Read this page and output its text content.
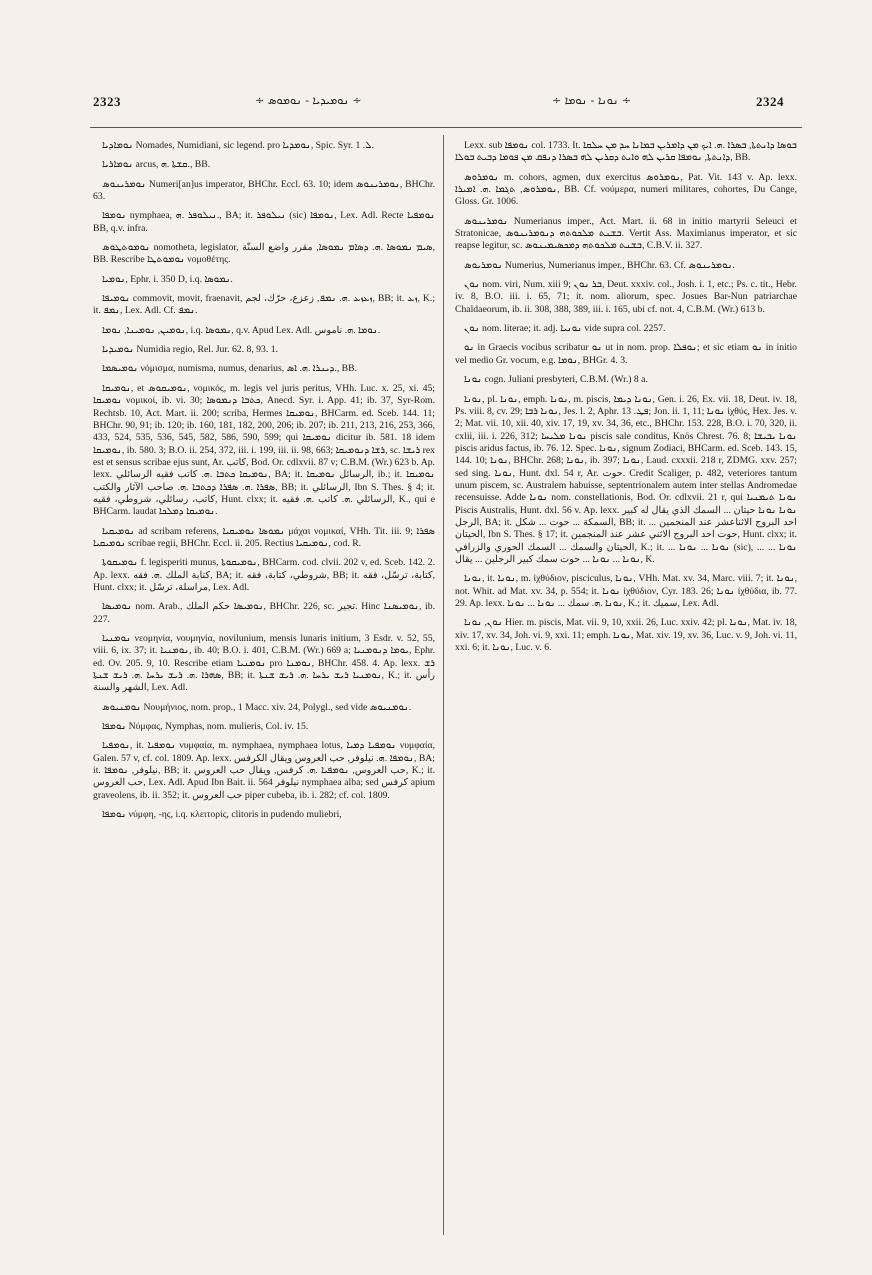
2323	∻ ܢܘܡܝܕܝܐ - ܢܘܡܘܣ ∻	∻ ܢܘܢܐ - ܢܘܡܐ ∻	2324

ܢܘܡܐܕܝܐ Nomades, Numidiani, sic legend. pro ܢܘܡܕܝܐ, Spic. Syr. ܠ. 1.

ܢܘܡܐܪܝܐ arcus, ܩܫܬܐ .ܗ., BB.

ܢܘܡܪܝܢܘܣ Numeri[an]us imperator, BHChr. Eccl. 63. 10; idem ܢܘܡܪܝܢܘܣ, BHChr. 63.

ܢܘܡܦܐ nymphaea, ܢܝܠܘܦܪ .ܗ., BA; it. ܢܝܠܘܦܪ (sic) ܢܘܡܦܐ, Lex. Adl. Recte ܢܘܡܦܝܐ BB, q.v. infra.

ܢܘܡܘܬܛܘܣ nomotheta, legislator, ܣܝܡ ܢܡܘܣܐ .ܗ. ܕܣܐܡ ܢܡܘܣܐ, مقرر واضع السنّة, BB. Rescribe ܢܘܡܘܬܛܐ νομοθέτης.

ܢܘܡܝܐ, Ephr. i. 350 D, i.q. ܢܡܘܣܐ.

ܢܘܡܝܦܐ commovit, movit, fraenavit, ܙܥܙܥ .ܗ. ܢܡܦ, زعزع، حرّك، لجم, BB; it. ܙܥ, K.; it. ܢܡܦ, Lex. Adl. Cf. ܢܡܦ.

ܢܘܡܝܢ, ܢܘܡܝܢܐ, ܢܘܡܐ, i.q. ܢܡܘܣܐ, q.v. Apud Lex. Adl. ܢܘܡܐ .ܗ. ناموس.

ܢܘܡܝܕܝܐ Numidia regio, Rel. Jur. 62. 8, 93. 1.

ܢܘܡܝܣܡܐ νόμισμα, numisma, numus, denarius, ܕܝܢܪܐ .ܗ. ܐܣ., BB.

ܢܘܡܝܩܐ, et ܢܘܡܝܩܘܣ, νομικός, m. legis vel juris peritus, VHh. Luc. x. 25, xi. 45; ܢܘܡܝܩܐ νομικοί, ib. vi. 30; ܟܬܒܐ ܕܢܡܘܣܐ, Anecd. Syr. i. App. 41; ib. 37, Syr-Rom. Rechtsb. 10, Act. Mart. ii. 200; scriba, Hermes ܢܘܡܝܩܐ, BHCarm. ed. Sceb. 144. 11; BHChr. 90, 91; ib. 120; ib. 160, 181, 182, 200, 206; ib. 207; ib. 211, 213, 216, 253, 366, 433, 524, 535, 536, 545, 582, 586, 590, 599; qui ܢܘܡܝܩܐ dicitur ib. 581. 18 idem ܢܘܡܝܩܐ, ib. 580. 3; B.O. ii. 254, 372, iii. i. 199, iii. ii. 98, 663; ܪܫܐ ܕܢܘܡܝܩܐ, sc. ܪܝܫܐ rex est et sensus scribae ejus sunt, Ar. كاتب, Bod. Or. cdlxvii. 87 v; C.B.M. (Wr.) 623 b. Ap. lexx. ܢܘܡܝܩܐ ܟܬܒܐ .ܗ. كاتب فقيه الرسائلي, BA; it. الرسائل ܢܘܡܝܩܐ, ib.; it. ܢܘܡܝܩܐ ܣܦܪܐ .ܗ. ܣܦܪܐ ܕܟܬܒܐ .ܗ. صاحب الآثار والكتب, BB; it. الرسائلي, Ibn S. Thes. § 4; it. كاتب، رسائلي، شروطي، فقيه, Hunt. clxx; it. الرسائلي .ܗ. كاتب .ܗ. فقيه, K., qui e BHCarm. laudat ܢܘܡܝܩܐ ܕܡܠܟܐ.

ܢܘܡܝܩܝܐ ad scribam referens, ܢܡܘܣܐ ܢܘܡܝܩܝܐ μάχαι νομικαί, VHh. Tit. iii. 9; ܣܦܪܐ ܢܘܡܝܩܝܐ scribae regii, BHChr. Eccl. ii. 205. Rectius ܢܘܡܝܩܝܐ, cod. R.

ܢܘܡܝܩܘܬܐ f. legisperiti munus, ܢܘܡܝܩܘܬܐ, BHCarm. cod. clvii. 202 v, ed. Sceb. 142. 2. Ap. lexx. كتابة الملك .ܗ. فقه, BA; it. شروطي، كتابة، فقه, BB; it. كتابة، ترسّل، فقه, Hunt. clxx; it. مراسلة، ترسّل, Lex. Adl.

ܢܘܡܝܣܐ nom. Arab., ܢܘܡܝܣܐ حكم الملك, BHChr. 226, sc. تجير. Hinc ܢܘܡܝܣܢܐ, ib. 227.

ܢܘܡܢܝܐ νεομηνία, νουμηνία, novilunium, mensis lunaris initium, 3 Esdr. v. 52, 55, viii. 6, ix. 37; it. ܢܘܡܢܝܐ, ib. 40; B.O. i. 401, C.B.M. (Wr.) 669 a; ܝܘܡܐ ܕܢܘܡܢܝܐ, Ephr. ed. Ov. 205. 9, 10. Rescribe etiam ܢܘܡܢܝܐ pro ܢܘܡܢܐ, BHChr. 458. 4. Ap. lexx. ܪܫ ܣܗܪܐ .ܗ. ܪܝܫ ܝܪܚܐ .ܗ. ܪܝܫ ܫܢܬܐ, BB; it. ܢܘܡܢܝܐ ܪܝܫ ܝܪܚܐ .ܗ. ܪܝܫ ܫܢܬܐ, K.; it. رأس الشهر والسنة, Lex. Adl.

ܢܘܡܢܝܘܣ Νουμήνιος, nom. prop., 1 Macc. xiv. 24, Polygl., sed vide ܢܘܡܢܝܘܣ.

ܢܘܡܦܐ Νύμφας, Nymphas, nom. mulieris, Col. iv. 15.

ܢܘܡܦܝܐ, it. ܢܘܡܦܝܐ νυμφαία, m. nymphaea, nymphaea lotus, ܢܘܡܦܝܐ ܕܡܝܐ νυμφαία, Galen. 57 v, cf. col. 1809. Ap. lexx. ܢܘܡܦܐ .ܗ. نيلوفر, حب العروس ويقال الكرفس, BA; it. نيلوفر, ܢܘܡܦܐ, BB; it. حب العروس, ܢܘܡܦܝܐ .ܗ. كرفس, ويقال حب العروس, K.; it. حب العروس, Lex. Adl. Apud Ibn Bait. ii. 564 نيلوفر nymphaea alba; sed كرفس apium graveolens, ib. ii. 352; it. حب العروس piper cubeba, ib. i. 282; cf. col. 1809.

ܢܘܡܦܐ νύμφη, -ης, i.q. κλειτορίς, clitoris in pudendo muliebri,

Lexx. sub ܢܘܡܦܐ col. 1733. It. ܒܘܣܐ ܕܐܢܬܬܐ, ܒܣܪܐ .ܗ. ܐܝܟ ܡܢ ܕܐܡܪܝܢ ܒܡܐܢܐ ܚܕ ܡܢ ܚܠܩܐ ܕܐܢܬܬܐ, ܢܘܡܦܐ ܩܪܝܢ ܠܗ ܘܐܝܬ ܕܩܪܝܢ ܠܗ ܒܣܪܐ ܕܢܦܩ ܡܢ ܦܘܡܐ ܕܒܝܬ ܒܘܠܐ, BB.

ܢܘܡܪܘܣ m. cohors, agmen, dux exercitus ܢܘܡܪܘܣ, Pat. Vit. 143 v. Ap. lexx. ܢܘܡܪܘܣ, ܬܓܡܐ .ܗ. ܐܡܝܪܐ, BB. Cf. νούμερα, numeri militares, cohortes, Du Cange, Gloss. Gr. 1006.

ܢܘܡܪܝܢܘܣ Numerianus imper., Act. Mart. ii. 68 in initio martyrii Seleuci et Stratonicae, ܒܫܢܬ ܡܠܟܘܬܗ ܕܢܘܡܪܝܢܘܣ. Vertit Ass. Maximianus imperator, et sic reapse legitur, sc. ܒܫܢܬ ܡܠܟܘܬܗ ܕܡܟܣܝܡܝܢܘܣ, C.B.V. ii. 327.

ܢܘܡܪܝܘܣ Numerius, Numerianus imper., BHChr. 63. Cf. ܢܘܡܪܝܢܘܣ.

ܢܘܢ nom. viri, Num. xiii 9; ܒܪ ܢܘܢ, Deut. xxxiv. col., Josh. i. 1, etc.; Ps. c. tit., Hebr. iv. 8, B.O. iii. i. 65, 71; it. nom. aliorum, spec. Josues Bar-Nun patriarchae Chaldaeorum, ib. ii. 308, 388, 389, iii. i. 165, ubi cf. not. 4, C.B.M. (Wr.) 613 b.

ܢܘܢ nom. literae; it. adj. ܢܘܢܝܐ vide supra col. 2257.

ܢܘ in Graecis vocibus scribatur ܢܘ ut in nom. prop. ܢܘܦܠܐ; et sic etiam ܢܘ in initio vel medio Gr. vocum, e.g. ܢܘܡܐ, BHGr. 4. 3.

ܢܘܢܐ cogn. Juliani presbyteri, C.B.M. (Wr.) 8 a.

ܢܘܢܐ, pl. ܢܘܢܐ, emph. ܢܘܢܐ, m. piscis, ܢܘܢܐ ܕܝܡܐ, Gen. i. 26, Ex. vii. 18, Deut. iv. 18, Ps. viii. 8, cv. 29; ܢܘܢܐ ܪܒܐ, Jes. l. 2, Aphr. ܦܛ. 13; Jon. ii. 1, 11; ܢܘܢܐ ἰχθύς, Hex. Jes. v. 2; Mat. vii. 10, xii. 40, xiv. 17, 19, xv. 34, 36, etc., BHChr. 153. 228, B.O. i. 70, 320, ii. cxlii, iii. i. 226, 312; ܢܘܢܐ ܡܠܝܚܐ piscis sale conditus, Knös Chrest. 76. 8; ܢܘܢܐ ܝܒܝܫܐ piscis aridus factus, ib. 76. 12. Spec. ܢܘܢܐ, signum Zodiaci, BHCarm. ed. Sceb. 143. 15, 144. 10; ܢܘܢܐ, BHChr. 268; ܢܘܢܐ, ib. 397; ܢܘܢܐ, Laud. cxxxii. 218 r, ZDMG. xxv. 257; sed sing. ܢܘܢܐ, Hunt. dxl. 54 r, Ar. حوت. Credit Scaliger, p. 482, veteriores tantum unum piscem, sc. Australem habuisse, septentrionalem autem inter stellas Andromedae recensuisse. Adde ܢܘܢܐ nom. constellationis, Bod. Or. cdlxvii. 21 r, qui ܢܘܢܐ ܬܝܡܢܝܐ Piscis Australis, Hunt. dxl. 56 v. Ap. lexx. ܢܘܢܐ ܢܘܢܐ حيتان ... السمك الذي يقال له كبير الرجل, BA; it. السمكة ... حوت ... شكل, BB; it. احد البروج الاثناعشر عند المنجمين ... الحيتان, Ibn S. Thes. § 17; it. حوت احد البروج الاثني عشر عند المنجمين, Hunt. clxx; it. الحيتان والسمك ... السمك الحوري والزرافي, K.; it. ... ܢܘܢܐ ... ܢܘܢܐ (sic), ... ܢܘܢܐ ... ܢܘܢܐ ... ܢܘܢܐ ... حوت سمك كبير الرجلين ... يقال, K.

ܢܘܢܐ, it. ܢܘܢܐ, m. ἰχθύδιον, pisciculus, ܢܘܢܐ, VHh. Mat. xv. 34, Marc. viii. 7; it. ܢܘܢܐ, not. Whit. ad Mat. xv. 34, p. 554; it. ܢܘܢܐ ἰχθύδιον, Cyr. 183. 26; ܢܘܢܐ ἰχθύδια, ib. 77. 29. Ap. lexx. ܢܘܢܐ .ܗ. سمك ... ܢܘܢܐ ... ܢܘܢܐ, K.; it. سميك, Lex. Adl.

ܢܘܢ, ܢܘܢܐ Hier. m. piscis, Mat. vii. 9, 10, xxii. 26, Luc. xxiv. 42; pl. ܢܘܢܐ, Mat. iv. 18, xiv. 17, xv. 34, Joh. vi. 9, xxi. 11; emph. ܢܘܢܐ, Mat. xiv. 19, xv. 36, Luc. v. 9, Joh. vi. 11, xxi. 6; it. ܢܘܢܐ, Luc. v. 6.
